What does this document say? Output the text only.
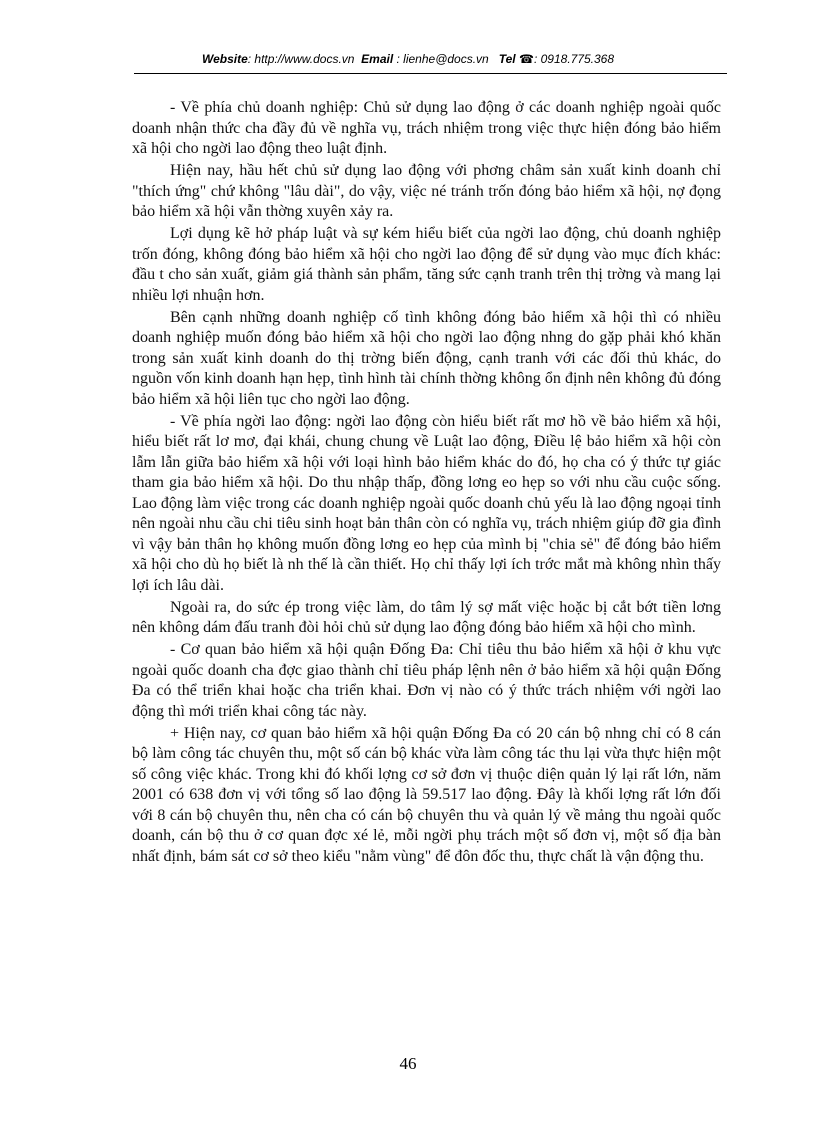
Website: http://www.docs.vn Email : lienhe@docs.vn Tel ☎: 0918.775.368

- Về phía chủ doanh nghiệp: Chủ sử dụng lao động ở các doanh nghiệp ngoài quốc doanh nhận thức cha đầy đủ về nghĩa vụ, trách nhiệm trong việc thực hiện đóng bảo hiểm xã hội cho ngời lao động theo luật định.

Hiện nay, hầu hết chủ sử dụng lao động với phơng châm sản xuất kinh doanh chỉ "thích ứng" chứ không "lâu dài", do vậy, việc né tránh trốn đóng bảo hiểm xã hội, nợ đọng bảo hiểm xã hội vẫn thờng xuyên xảy ra.

Lợi dụng kẽ hở pháp luật và sự kém hiểu biết của ngời lao động, chủ doanh nghiệp trốn đóng, không đóng bảo hiểm xã hội cho ngời lao động để sử dụng vào mục đích khác: đầu t cho sản xuất, giảm giá thành sản phẩm, tăng sức cạnh tranh trên thị trờng và mang lại nhiều lợi nhuận hơn.

Bên cạnh những doanh nghiệp cố tình không đóng bảo hiểm xã hội thì có nhiều doanh nghiệp muốn đóng bảo hiểm xã hội cho ngời lao động nhng do gặp phải khó khăn trong sản xuất kinh doanh do thị trờng biến động, cạnh tranh với các đối thủ khác, do nguồn vốn kinh doanh hạn hẹp, tình hình tài chính thờng không ổn định nên không đủ đóng bảo hiểm xã hội liên tục cho ngời lao động.

- Về phía ngời lao động: ngời lao động còn hiểu biết rất mơ hồ về bảo hiểm xã hội, hiểu biết rất lơ mơ, đại khái, chung chung về Luật lao động, Điều lệ bảo hiểm xã hội còn lẫm lẫn giữa bảo hiểm xã hội với loại hình bảo hiểm khác do đó, họ cha có ý thức tự giác tham gia bảo hiểm xã hội. Do thu nhập thấp, đồng lơng eo hẹp so với nhu cầu cuộc sống. Lao động làm việc trong các doanh nghiệp ngoài quốc doanh chủ yếu là lao động ngoại tỉnh nên ngoài nhu cầu chi tiêu sinh hoạt bản thân còn có nghĩa vụ, trách nhiệm giúp đỡ gia đình vì vậy bản thân họ không muốn đồng lơng eo hẹp của mình bị "chia sẻ" để đóng bảo hiểm xã hội cho dù họ biết là nh thế là cần thiết. Họ chỉ thấy lợi ích trớc mắt mà không nhìn thấy lợi ích lâu dài.

Ngoài ra, do sức ép trong việc làm, do tâm lý sợ mất việc hoặc bị cắt bớt tiền lơng nên không dám đấu tranh đòi hỏi chủ sử dụng lao động đóng bảo hiểm xã hội cho mình.

- Cơ quan bảo hiểm xã hội quận Đống Đa: Chỉ tiêu thu bảo hiểm xã hội ở khu vực ngoài quốc doanh cha đợc giao thành chỉ tiêu pháp lệnh nên ở bảo hiểm xã hội quận Đống Đa có thể triển khai hoặc cha triển khai. Đơn vị nào có ý thức trách nhiệm với ngời lao động thì mới triển khai công tác này.

+ Hiện nay, cơ quan bảo hiểm xã hội quận Đống Đa có 20 cán bộ nhng chỉ có 8 cán bộ làm công tác chuyên thu, một số cán bộ khác vừa làm công tác thu lại vừa thực hiện một số công việc khác. Trong khi đó khối lợng cơ sở đơn vị thuộc diện quản lý lại rất lớn, năm 2001 có 638 đơn vị với tổng số lao động là 59.517 lao động. Đây là khối lợng rất lớn đối với 8 cán bộ chuyên thu, nên cha có cán bộ chuyên thu và quản lý về mảng thu ngoài quốc doanh, cán bộ thu ở cơ quan đợc xé lẻ, mỗi ngời phụ trách một số đơn vị, một số địa bàn nhất định, bám sát cơ sở theo kiểu "nằm vùng" để đôn đốc thu, thực chất là vận động thu.

46
